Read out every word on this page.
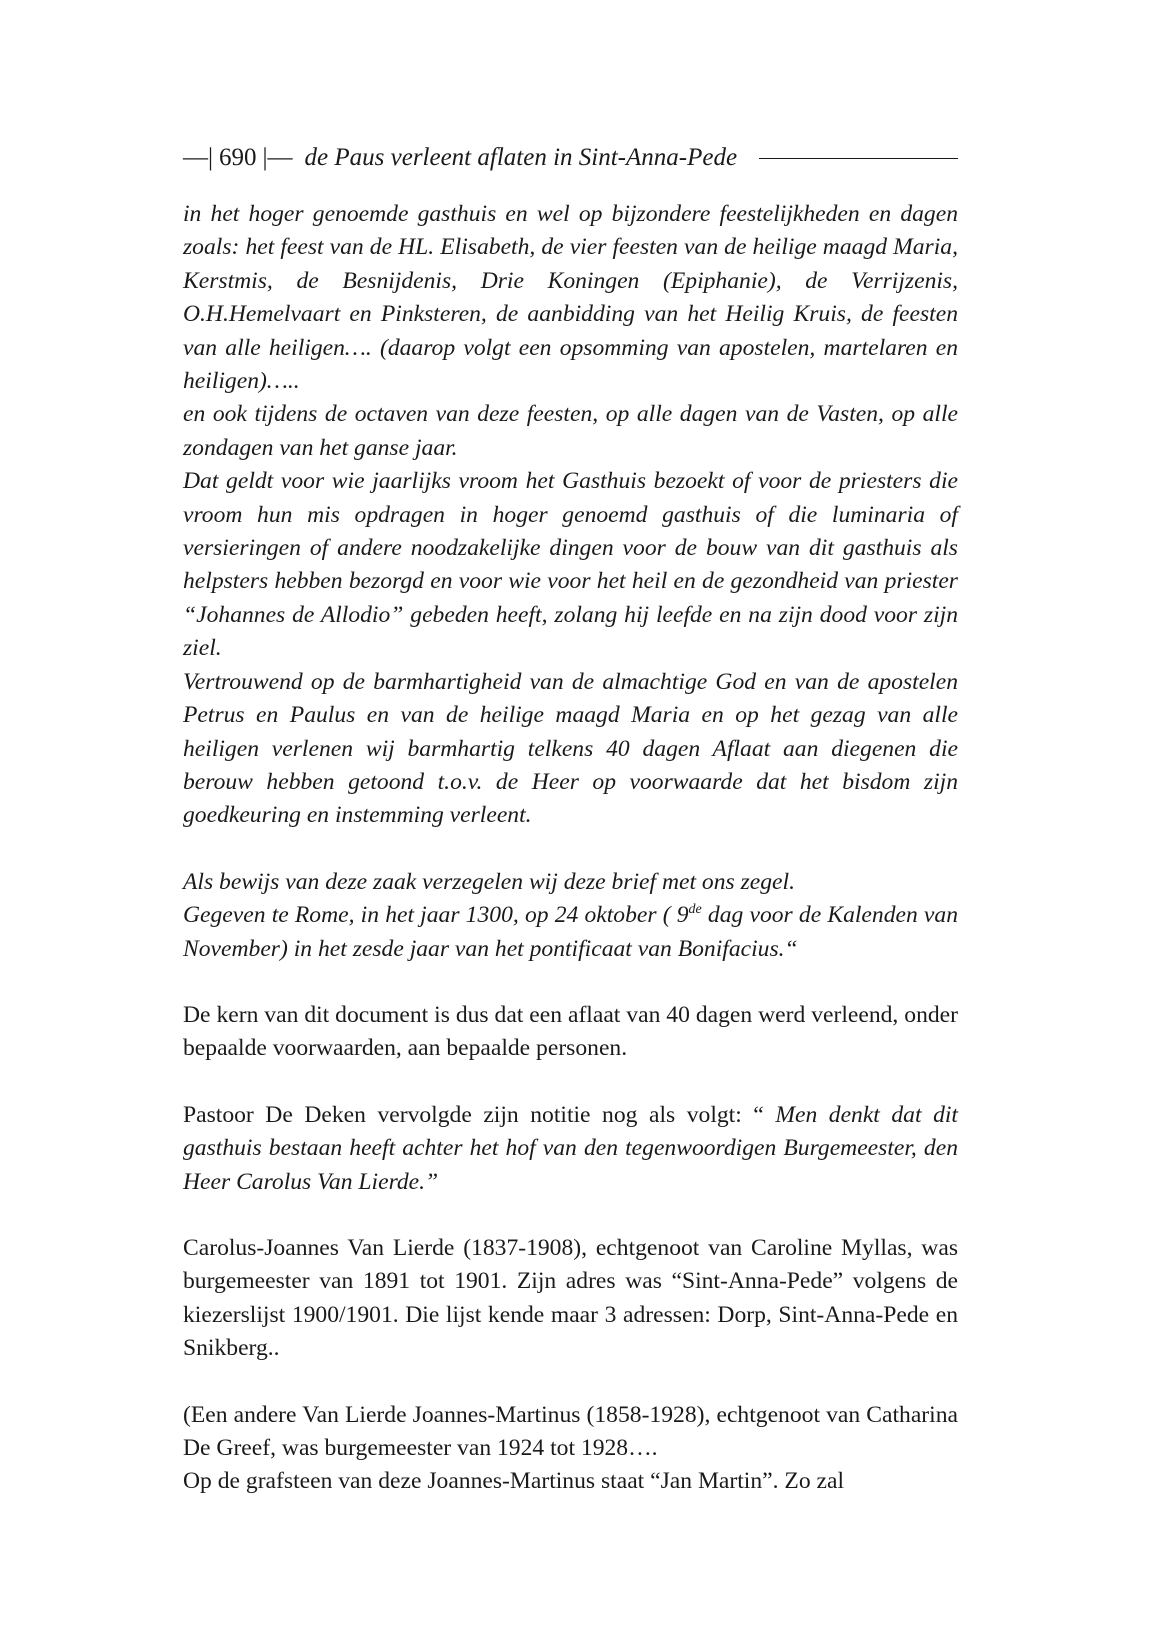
—| 690 |— de Paus verleent aflaten in Sint-Anna-Pede

in het hoger genoemde gasthuis en wel op bijzondere feestelijkheden en dagen zoals: het feest van de HL. Elisabeth, de vier feesten van de heilige maagd Maria, Kerstmis, de Besnijdenis, Drie Koningen (Epiphanie), de Verrijzenis, O.H.Hemelvaart en Pinksteren, de aanbidding van het Heilig Kruis, de feesten van alle heiligen…. (daarop volgt een opsomming van apostelen, martelaren en heiligen)…..

en ook tijdens de octaven van deze feesten, op alle dagen van de Vasten, op alle zondagen van het ganse jaar.

Dat geldt voor wie jaarlijks vroom het Gasthuis bezoekt of voor de priesters die vroom hun mis opdragen in hoger genoemd gasthuis of die luminaria of versieringen of andere noodzakelijke dingen voor de bouw van dit gasthuis als helpsters hebben bezorgd en voor wie voor het heil en de gezondheid van priester “Johannes de Allodio” gebeden heeft, zolang hij leefde en na zijn dood voor zijn ziel.

Vertrouwend op de barmhartigheid van de almachtige God en van de apostelen Petrus en Paulus en van de heilige maagd Maria en op het gezag van alle heiligen verlenen wij barmhartig telkens 40 dagen Aflaat aan diegenen die berouw hebben getoond t.o.v. de Heer op voorwaarde dat het bisdom zijn goedkeuring en instemming verleent.

Als bewijs van deze zaak verzegelen wij deze brief met ons zegel.

Gegeven te Rome, in het jaar 1300, op 24 oktober ( 9de dag voor de Kalenden van November) in het zesde jaar van het pontificaat van Bonifacius.“

De kern van dit document is dus dat een aflaat van 40 dagen werd verleend, onder bepaalde voorwaarden, aan bepaalde personen.

Pastoor De Deken vervolgde zijn notitie nog als volgt: “ Men denkt dat dit gasthuis bestaan heeft achter het hof van den tegenwoordigen Burgemeester, den Heer Carolus Van Lierde.”

Carolus-Joannes Van Lierde (1837-1908), echtgenoot van Caroline Myllas, was burgemeester van 1891 tot 1901. Zijn adres was “Sint-Anna-Pede” volgens de kiezerslijst 1900/1901. Die lijst kende maar 3 adressen: Dorp, Sint-Anna-Pede en Snikberg..

(Een andere Van Lierde Joannes-Martinus (1858-1928), echtgenoot van Catharina De Greef, was burgemeester van 1924 tot 1928….

Op de grafsteen van deze Joannes-Martinus staat “Jan Martin”. Zo zal
